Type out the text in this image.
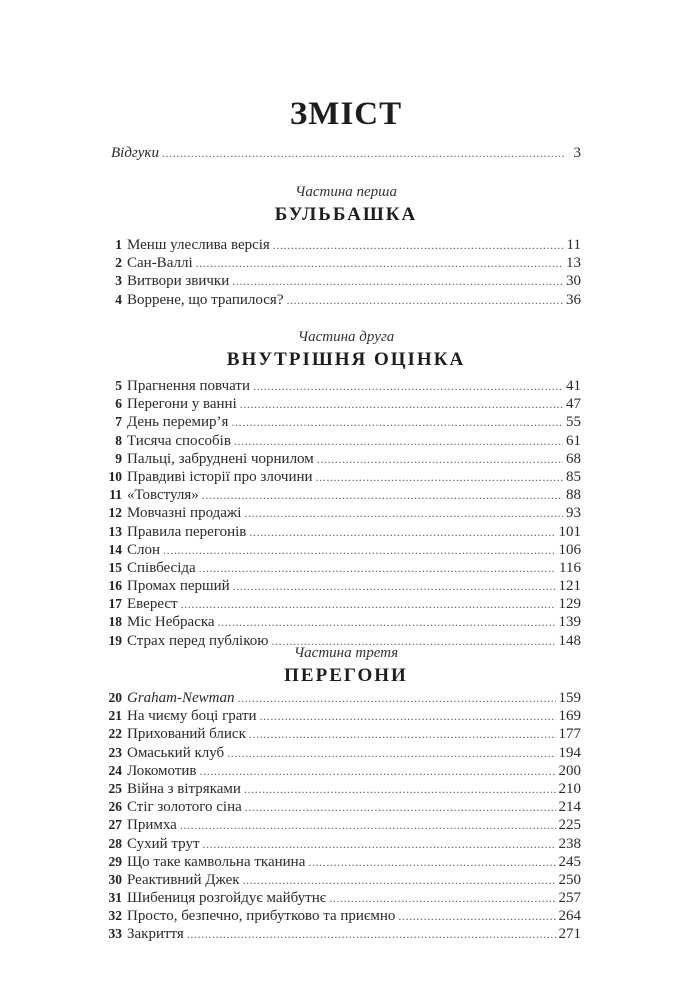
ЗМІСТ
Відгуки . . .	3
Частина перша
БУЛЬБАШКА
1 Менш улеслива версія . . .	11
2 Сан-Валлі . . .	13
3 Витвори звички . . .	30
4 Воррене, що трапилося? . . .	36
Частина друга
ВНУТРІШНЯ ОЦІНКА
5 Прагнення повчати . . .	41
6 Перегони у ванні . . .	47
7 День перемир’я . . .	55
8 Тисяча способів . . .	61
9 Пальці, забруднені чорнилом . . .	68
10 Правдиві історії про злочини . . .	85
11 «Товстуля» . . .	88
12 Мовчазні продажі . . .	93
13 Правила перегонів . . .	101
14 Слон . . .	106
15 Співбесіда . . .	116
16 Промах перший . . .	121
17 Еверест . . .	129
18 Міс Небраска . . .	139
19 Страх перед публікою . . .	148
Частина третя
ПЕРЕГОНИ
20 Graham-Newman . . .	159
21 На чиєму боці грати . . .	169
22 Прихований блиск . . .	177
23 Омаський клуб . . .	194
24 Локомотив . . .	200
25 Війна з вітряками . . .	210
26 Стіг золотого сіна . . .	214
27 Примха . . .	225
28 Сухий трут . . .	238
29 Що таке камвольна тканина . . .	245
30 Реактивний Джек . . .	250
31 Шибениця розгойдує майбутнє . . .	257
32 Просто, безпечно, прибутково та приємно . . .	264
33 Закриття . . .	271
